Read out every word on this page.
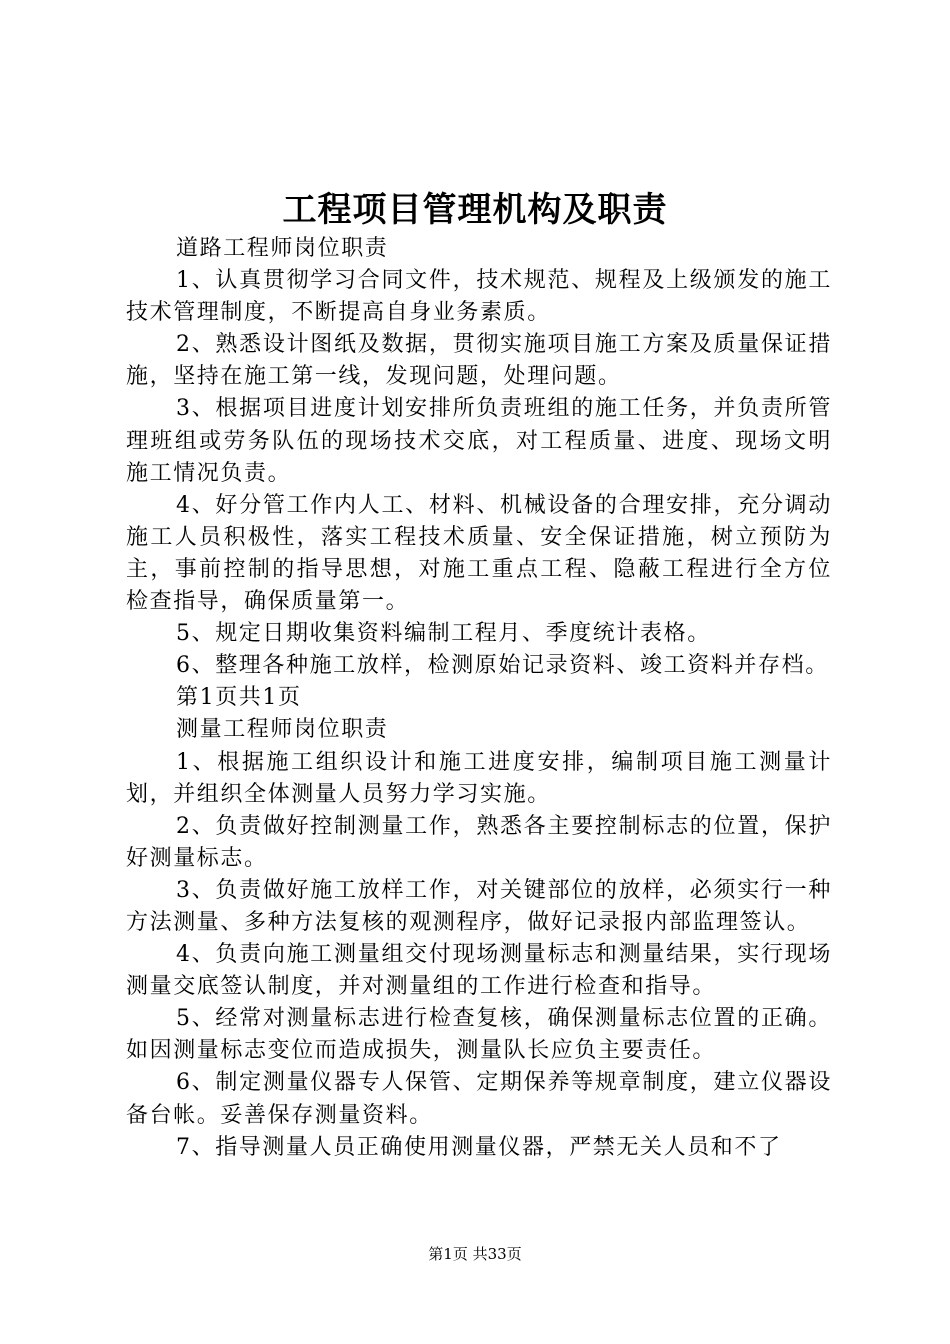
工程项目管理机构及职责

道路工程师岗位职责

1、认真贯彻学习合同文件，技术规范、规程及上级颁发的施工技术管理制度，不断提高自身业务素质。

2、熟悉设计图纸及数据，贯彻实施项目施工方案及质量保证措施，坚持在施工第一线，发现问题，处理问题。

3、根据项目进度计划安排所负责班组的施工任务，并负责所管理班组或劳务队伍的现场技术交底，对工程质量、进度、现场文明施工情况负责。

4、好分管工作内人工、材料、机械设备的合理安排，充分调动施工人员积极性，落实工程技术质量、安全保证措施，树立预防为主，事前控制的指导思想，对施工重点工程、隐蔽工程进行全方位检查指导，确保质量第一。

5、规定日期收集资料编制工程月、季度统计表格。

6、整理各种施工放样，检测原始记录资料、竣工资料并存档。

第1页共1页

测量工程师岗位职责

1、根据施工组织设计和施工进度安排，编制项目施工测量计划，并组织全体测量人员努力学习实施。

2、负责做好控制测量工作，熟悉各主要控制标志的位置，保护好测量标志。

3、负责做好施工放样工作，对关键部位的放样，必须实行一种方法测量、多种方法复核的观测程序，做好记录报内部监理签认。

4、负责向施工测量组交付现场测量标志和测量结果，实行现场测量交底签认制度，并对测量组的工作进行检查和指导。

5、经常对测量标志进行检查复核，确保测量标志位置的正确。如因测量标志变位而造成损失，测量队长应负主要责任。

6、制定测量仪器专人保管、定期保养等规章制度，建立仪器设备台帐。妥善保存测量资料。

7、指导测量人员正确使用测量仪器，严禁无关人员和不了

第1页 共33页
